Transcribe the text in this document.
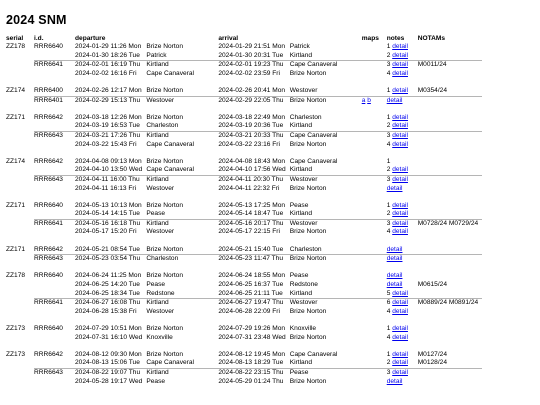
2024 SNM
serial	i.d.	departure		arrival		maps	notes	NOTAMs
ZZ178	RRR6640	2024-01-29 11:26 Mon	Brize Norton	2024-01-29 21:51 Mon	Patrick		1 detail	
		2024-01-30 18:26 Tue	Patrick	2024-01-30 20:31 Tue	Kirtland		2 detail	
	RRR6641	2024-02-01 16:19 Thu	Kirtland	2024-02-01 19:23 Thu	Cape Canaveral		3 detail	M0011/24
		2024-02-02 16:16 Fri	Cape Canaveral	2024-02-02 23:59 Fri	Brize Norton		4 detail	

ZZ174	RRR6400	2024-02-26 12:17 Mon	Brize Norton	2024-02-26 20:41 Mon	Westover		1 detail	M0354/24
	RRR6401	2024-02-29 15:13 Thu	Westover	2024-02-29 22:05 Thu	Brize Norton	a b	detail	

ZZ171	RRR6642	2024-03-18 12:26 Mon	Brize Norton	2024-03-18 22:49 Mon	Charleston		1 detail	
		2024-03-19 16:53 Tue	Charleston	2024-03-19 20:36 Tue	Kirtland		2 detail	
	RRR6643	2024-03-21 17:26 Thu	Kirtland	2024-03-21 20:33 Thu	Cape Canaveral		3 detail	
		2024-03-22 15:43 Fri	Cape Canaveral	2024-03-22 23:16 Fri	Brize Norton		4 detail	

ZZ174	RRR6642	2024-04-08 09:13 Mon	Brize Norton	2024-04-08 18:43 Mon	Cape Canaveral		1	
		2024-04-10 13:50 Wed	Cape Canaveral	2024-04-10 17:56 Wed	Kirtland		2 detail	
	RRR6643	2024-04-11 16:00 Thu	Kirtland	2024-04-11 20:30 Thu	Westover		3 detail	
		2024-04-11 16:13 Fri	Westover	2024-04-11 22:32 Fri	Brize Norton		detail	

ZZ171	RRR6640	2024-05-13 10:13 Mon	Brize Norton	2024-05-13 17:25 Mon	Pease		1 detail	
		2024-05-14 14:15 Tue	Pease	2024-05-14 18:47 Tue	Kirtland		2 detail	
	RRR6641	2024-05-16 16:18 Thu	Kirtland	2024-05-16 20:17 Thu	Westover		3 detail	M0728/24 M0729/24
		2024-05-17 15:20 Fri	Westover	2024-05-17 22:15 Fri	Brize Norton		4 detail	

ZZ171	RRR6642	2024-05-21 08:54 Tue	Brize Norton	2024-05-21 15:40 Tue	Charleston		detail	
	RRR6643	2024-05-23 03:54 Thu	Charleston	2024-05-23 11:47 Thu	Brize Norton		detail	

ZZ178	RRR6640	2024-06-24 11:25 Mon	Brize Norton	2024-06-24 18:55 Mon	Pease		detail	
		2024-06-25 14:20 Tue	Pease	2024-06-25 16:37 Tue	Redstone		detail	M0615/24
		2024-06-25 18:34 Tue	Redstone	2024-06-25 21:11 Tue	Kirtland		5 detail	
	RRR6641	2024-06-27 16:08 Thu	Kirtland	2024-06-27 19:47 Thu	Westover		6 detail	M0889/24 M0891/24
		2024-06-28 15:38 Fri	Westover	2024-06-28 22:09 Fri	Brize Norton		4 detail	

ZZ173	RRR6640	2024-07-29 10:51 Mon	Brize Norton	2024-07-29 19:26 Mon	Knoxville		1 detail	
		2024-07-31 16:10 Wed	Knoxville	2024-07-31 23:48 Wed	Brize Norton		4 detail	

ZZ173	RRR6642	2024-08-12 09:30 Mon	Brize Norton	2024-08-12 19:45 Mon	Cape Canaveral		1 detail	M0127/24
		2024-08-13 15:06 Tue	Cape Canaveral	2024-08-13 18:29 Tue	Kirtland		2 detail	M0128/24
	RRR6643	2024-08-22 19:07 Thu	Kirtland	2024-08-22 23:15 Thu	Pease		3 detail	
		2024-05-28 19:17 Wed	Pease	2024-05-29 01:24 Thu	Brize Norton		detail	
